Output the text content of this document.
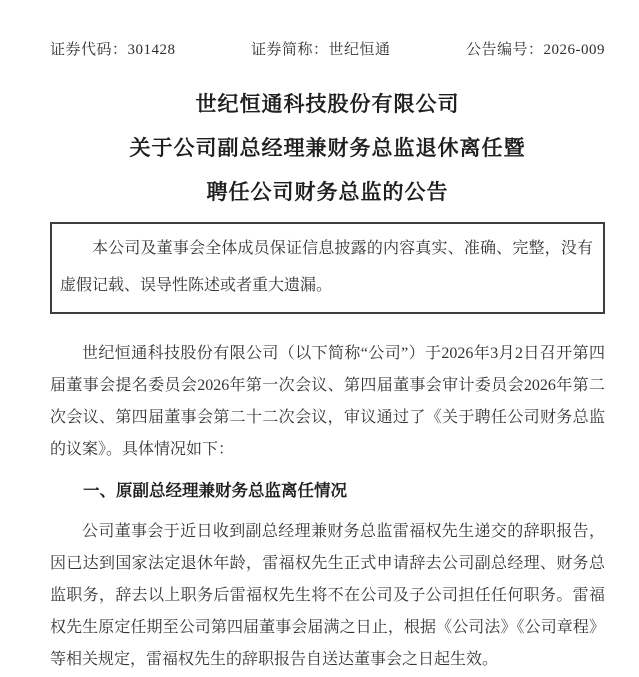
证券代码：301428	证券简称：世纪恒通	公告编号：2026-009
世纪恒通科技股份有限公司
关于公司副总经理兼财务总监退休离任暨
聘任公司财务总监的公告
本公司及董事会全体成员保证信息披露的内容真实、准确、完整，没有虚假记载、误导性陈述或者重大遗漏。

世纪恒通科技股份有限公司（以下简称“公司”）于2026年3月2日召开第四届董事会提名委员会2026年第一次会议、第四届董事会审计委员会2026年第二次会议、第四届董事会第二十二次会议，审议通过了《关于聘任公司财务总监的议案》。具体情况如下：

一、原副总经理兼财务总监离任情况

公司董事会于近日收到副总经理兼财务总监雷福权先生递交的辞职报告，因已达到国家法定退休年龄，雷福权先生正式申请辞去公司副总经理、财务总监职务，辞去以上职务后雷福权先生将不在公司及子公司担任任何职务。雷福权先生原定任期至公司第四届董事会届满之日止，根据《公司法》《公司章程》等相关规定，雷福权先生的辞职报告自送达董事会之日起生效。
